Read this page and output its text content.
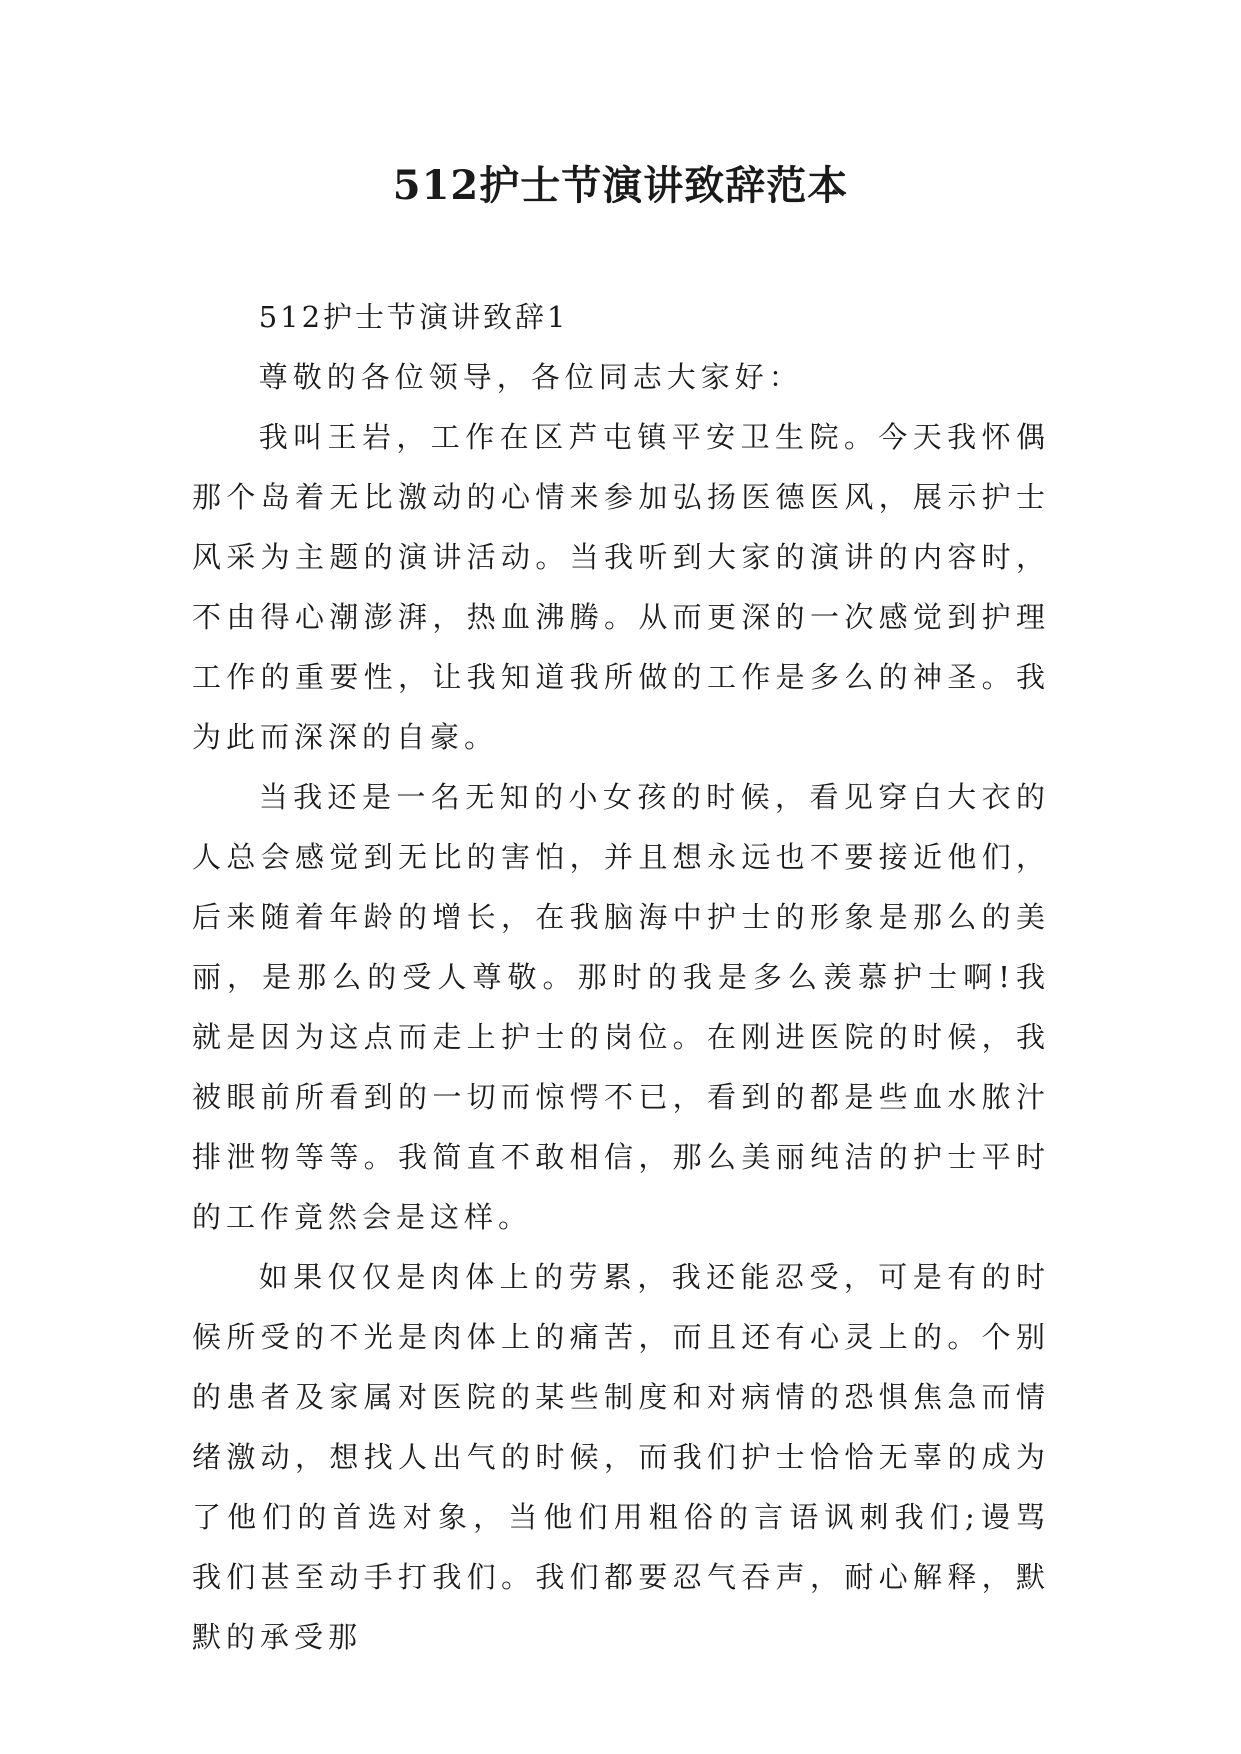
512护士节演讲致辞范本

512护士节演讲致辞1

尊敬的各位领导，各位同志大家好：

我叫王岩，工作在区芦屯镇平安卫生院。今天我怀偶那个岛着无比激动的心情来参加弘扬医德医风，展示护士风采为主题的演讲活动。当我听到大家的演讲的内容时，不由得心潮澎湃，热血沸腾。从而更深的一次感觉到护理工作的重要性，让我知道我所做的工作是多么的神圣。我为此而深深的自豪。

当我还是一名无知的小女孩的时候，看见穿白大衣的人总会感觉到无比的害怕，并且想永远也不要接近他们，后来随着年龄的增长，在我脑海中护士的形象是那么的美丽，是那么的受人尊敬。那时的我是多么羡慕护士啊!我就是因为这点而走上护士的岗位。在刚进医院的时候，我被眼前所看到的一切而惊愕不已，看到的都是些血水脓汁排泄物等等。我简直不敢相信，那么美丽纯洁的护士平时的工作竟然会是这样。

如果仅仅是肉体上的劳累，我还能忍受，可是有的时候所受的不光是肉体上的痛苦，而且还有心灵上的。个别的患者及家属对医院的某些制度和对病情的恐惧焦急而情绪激动，想找人出气的时候，而我们护士恰恰无辜的成为了他们的首选对象，当他们用粗俗的言语讽刺我们;谩骂我们甚至动手打我们。我们都要忍气吞声，耐心解释，默默的承受那
